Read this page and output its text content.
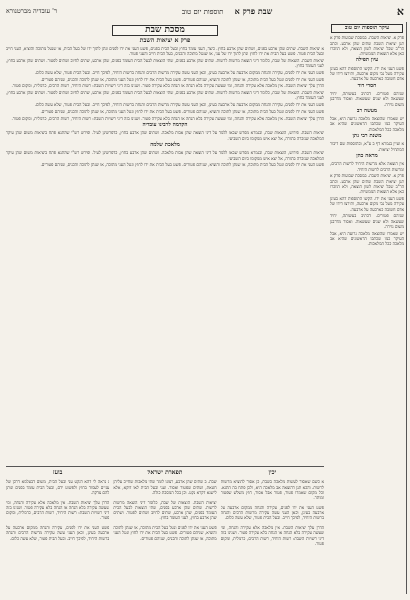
א
שבת פרק א    תוספות יום טוב
ר' עובדיה מברטנורא
מסכת שבת
פרק א יציאות השבת

א יציאות השבת. שתים שהן ארבע בפנים, ושתים שהן ארבע בחוץ. כיצד, העני עומד בחוץ ובעל הבית בפנים, פשט העני את ידו לפנים ונתן לתוך ידו של בעל הבית, או שנטל מתוכה והוציא, העני חייב ובעל הבית פטור. פשט בעל הבית את ידו לחוץ ונתן לתוך ידו של עני, או שנטל מתוכה והכניס, בעל הבית חייב והעני פטור.

יציאות השבת. הוצאות של שבת, כלומר דיני הוצאה מרשות לרשות. שתים שהן ארבע בפנים, שתי הוצאות לבעל הבית העומד בפנים, שהן ארבע, שתים לחיוב ושתים לפטור. ושתים שהן ארבע בחוץ, לעני העומד בחוץ.

פשט העני את ידו לפנים, עקירה והנחה ממקום ארבעה על ארבעה בעינן, וכאן העני עשה עקירה מרשות הרבים והנחה ברשות היחיד, לפיכך חייב. ובעל הבית פטור, שלא עשה כלום.

פשט העני את ידו לפנים ונטל בעל הבית מתוכה, או שנתן לתוכה והוציא, שניהם פטורים. פשט בעל הבית את ידו לחוץ ונטל העני מתוכה, או שנתן לתוכה והכניס, שניהם פטורים.

הדרן עלך יציאות השבת. אין מלאכה אלא עקירה והנחה, ומי שעשה עקירה בלא הנחה או הנחה בלא עקירה פטור. ושנינו בזה דיני רשויות השבת: רשות היחיד, רשות הרבים, כרמלית, ומקום פטור.

יציאות השבת. הוצאות של שבת, כלומר דיני הוצאה מרשות לרשות. שתים שהן ארבע בפנים, שתי הוצאות לבעל הבית העומד בפנים, שהן ארבע, שתים לחיוב ושתים לפטור. ושתים שהן ארבע בחוץ, לעני העומד בחוץ.

פשט העני את ידו לפנים, עקירה והנחה ממקום ארבעה על ארבעה בעינן, וכאן העני עשה עקירה מרשות הרבים והנחה ברשות היחיד, לפיכך חייב. ובעל הבית פטור, שלא עשה כלום.

פשט העני את ידו לפנים ונטל בעל הבית מתוכה, או שנתן לתוכה והוציא, שניהם פטורים. פשט בעל הבית את ידו לחוץ ונטל העני מתוכה, או שנתן לתוכה והכניס, שניהם פטורים.

הדרן עלך יציאות השבת. אין מלאכה אלא עקירה והנחה, ומי שעשה עקירה בלא הנחה או הנחה בלא עקירה פטור. ושנינו בזה דיני רשויות השבת: רשות היחיד, רשות הרבים, כרמלית, ומקום פטור.

הקדמה לרבינו עובדיה

יציאות השבת. פירוש, הוצאות שבת, ובגמרא מפרש שבאו ללמד על דיני הוצאה שהן אבות מלאכה. ושתים שהן ארבע בחוץ, כדפרשינן לעיל. ופירש רש"י שהתנא פתח ביציאות משום שהן עיקר המלאכה שנזכרה בתורה, אל יצא איש ממקומו ביום השביעי.

מלאכת שלמה

יציאות השבת. פירוש, הוצאות שבת, ובגמרא מפרש שבאו ללמד על דיני הוצאה שהן אבות מלאכה. ושתים שהן ארבע בחוץ, כדפרשינן לעיל. ופירש רש"י שהתנא פתח ביציאות משום שהן עיקר המלאכה שנזכרה בתורה, אל יצא איש ממקומו ביום השביעי.

פשט העני את ידו לפנים ונטל בעל הבית מתוכה, או שנתן לתוכה והוציא, שניהם פטורים. פשט בעל הבית את ידו לחוץ ונטל העני מתוכה, או שנתן לתוכה והכניס, שניהם פטורים.

יכין

א כשם שאסור לעשות מלאכה בשבת, כן אסור להוציא מרשות לרשות. והכא תנן דהוצאה אב מלאכה היא, ולכן פתח בה התנא. וכל מקום שאמרו פטור, פטור אבל אסור, חוץ משלש שפטור ומותר.

פשט העני את ידו לפנים, עקירה והנחה ממקום ארבעה על ארבעה בעינן, וכאן העני עשה עקירה מרשות הרבים והנחה ברשות היחיד, לפיכך חייב. ובעל הבית פטור, שלא עשה כלום.

הדרן עלך יציאות השבת. אין מלאכה אלא עקירה והנחה, ומי שעשה עקירה בלא הנחה או הנחה בלא עקירה פטור. ושנינו בזה דיני רשויות השבת: רשות היחיד, רשות הרבים, כרמלית, ומקום פטור.

תפארת ישראל

שבת. ב שתים שהן ארבע, רצונו לומר שתי מלאכות שחייב עליהן חטאת, ושתים שפטור ואסור. ועני ובעל הבית לאו דוקא, אלא לישנא דקרא נקט. וכן בכל המסכת כולה.

יציאות השבת. הוצאות של שבת, כלומר דיני הוצאה מרשות לרשות. שתים שהן ארבע בפנים, שתי הוצאות לבעל הבית העומד בפנים, שהן ארבע, שתים לחיוב ושתים לפטור. ושתים שהן ארבע בחוץ, לעני העומד בחוץ.

פשט העני את ידו לפנים ונטל בעל הבית מתוכה, או שנתן לתוכה והוציא, שניהם פטורים. פשט בעל הבית את ידו לחוץ ונטל העני מתוכה, או שנתן לתוכה והכניס, שניהם פטורים.

בועז

ג נראה לי דהא דנקט עני ובעל הבית, משום דבעלמא דרכן של עניים לעמוד בחוץ ולפשוט ידם, ובעל הבית עומד בפנים ונותן להם צדקה.

הדרן עלך יציאות השבת. אין מלאכה אלא עקירה והנחה, ומי שעשה עקירה בלא הנחה או הנחה בלא עקירה פטור. ושנינו בזה דיני רשויות השבת: רשות היחיד, רשות הרבים, כרמלית, ומקום פטור.

פשט העני את ידו לפנים, עקירה והנחה ממקום ארבעה על ארבעה בעינן, וכאן העני עשה עקירה מרשות הרבים והנחה ברשות היחיד, לפיכך חייב. ובעל הבית פטור, שלא עשה כלום.

עיקר תוספות יום טוב

פרק א. יציאות השבת. במסכת שבועות פרק א תנן יציאות השבת שתים שהן ארבע. וכתב הר"ב שכל יציאות לשון הוצאה, ולא הוזכרו כאן אלא הוצאות הממשיות.

עיון תפילה

פשט העני את ידו. הקשו התוספות דהא בעינן עקירה מעל גבי מקום ארבעה, ותירצו דידו של אדם חשובה כארבעה על ארבעה.

חסדי דוד

שניהם פטורים. דכתיב בעשותה, יחיד שעשאה ולא שנים שעשאוה. ואסור מדרבנן משום גזירה.

מעשה רב

יש שאמרו שהוצאה מלאכה גרועה היא, אבל העיקר כמו שכתבו הראשונים שהיא אב מלאכה ככל המלאכות.

משנת רבי נתן

א ועיין בגמרא דף ב ע"א, ובתוספות שם דיבור המתחיל יציאות.

מראה כהן

אין הוצאה אלא מרשות היחיד לרשות הרבים, ומרשות הרבים לרשות היחיד.

פרק א. יציאות השבת. במסכת שבועות פרק א תנן יציאות השבת שתים שהן ארבע. וכתב הר"ב שכל יציאות לשון הוצאה, ולא הוזכרו כאן אלא הוצאות הממשיות.

פשט העני את ידו. הקשו התוספות דהא בעינן עקירה מעל גבי מקום ארבעה, ותירצו דידו של אדם חשובה כארבעה על ארבעה.

שניהם פטורים. דכתיב בעשותה, יחיד שעשאה ולא שנים שעשאוה. ואסור מדרבנן משום גזירה.

יש שאמרו שהוצאה מלאכה גרועה היא, אבל העיקר כמו שכתבו הראשונים שהיא אב מלאכה ככל המלאכות.
